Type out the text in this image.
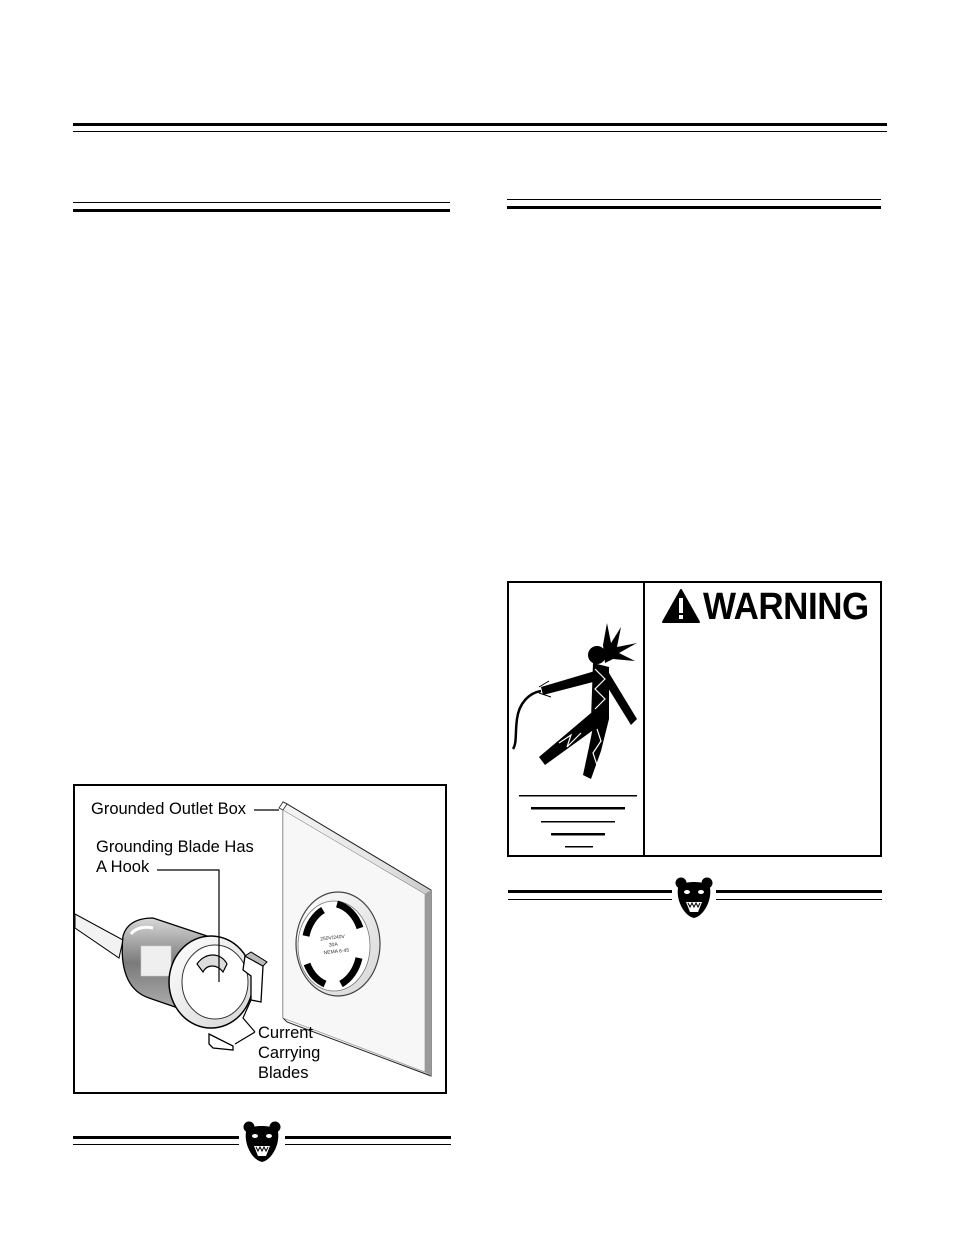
250V/240V
30A
NEMA 6-45
Grounded Outlet Box
Grounding Blade Has
A Hook
Current
Carrying
Blades
WARNING
